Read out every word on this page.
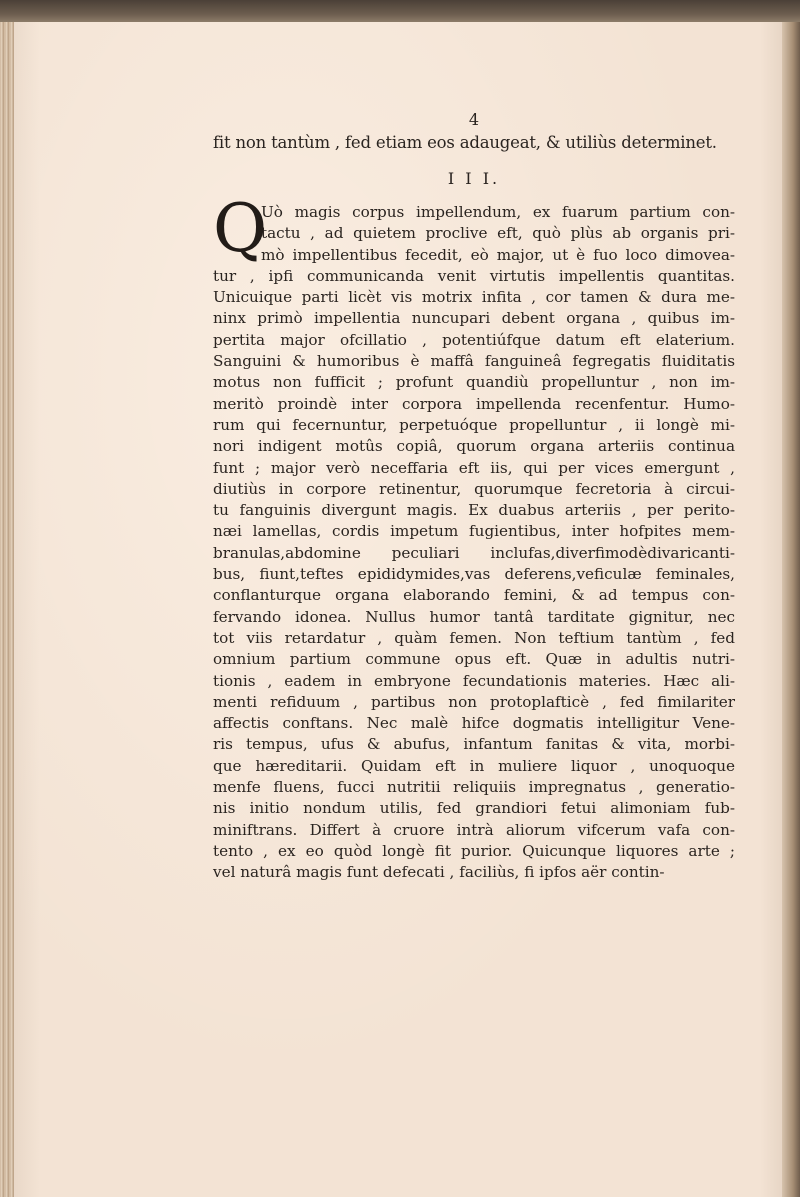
4
fit non tantùm , fed etiam eos adaugeat, & utiliùs determinet.
I I I.
Q
Uò magis corpus impellendum, ex fuarum partium con-
tactu , ad quietem proclive eft, quò plùs ab organis pri-
mò impellentibus fecedit, eò major, ut è fuo loco dimovea-
tur , ipfi communicanda venit virtutis impellentis quantitas.
Unicuique parti licèt vis motrix infita , cor tamen & dura me-
ninx primò impellentia nuncupari debent organa , quibus im-
pertita major ofcillatio , potentiúfque datum eft elaterium.
Sanguini & humoribus è maffâ fanguineâ fegregatis fluiditatis
motus non fufficit ; profunt quandiù propelluntur , non im-
meritò proindè inter corpora impellenda recenfentur. Humo-
rum qui fecernuntur, perpetuóque propelluntur , ii longè mi-
nori indigent motûs copiâ, quorum organa arteriis continua
funt ; major verò neceffaria eft iis, qui per vices emergunt ,
diutiùs in corpore retinentur, quorumque fecretoria à circui-
tu fanguinis divergunt magis. Ex duabus arteriis , per perito-
næi lamellas, cordis impetum fugientibus, inter hofpites mem-
branulas,abdomine peculiari inclufas,diverfimodèdivaricanti-
bus, fiunt,teftes epididymides,vas deferens,veficulæ feminales,
conflanturque organa elaborando femini, & ad tempus con-
fervando idonea. Nullus humor tantâ tarditate gignitur, nec
tot viis retardatur , quàm femen. Non teftium tantùm , fed
omnium partium commune opus eft. Quæ in adultis nutri-
tionis , eadem in embryone fecundationis materies. Hæc ali-
menti refiduum , partibus non protoplafticè , fed fimilariter
affectis conftans. Nec malè hifce dogmatis intelligitur Vene-
ris tempus, ufus & abufus, infantum fanitas & vita, morbi-
que hæreditarii. Quidam eft in muliere liquor , unoquoque
menfe fluens, fucci nutritii reliquiis impregnatus , generatio-
nis initio nondum utilis, fed grandiori fetui alimoniam fub-
miniftrans. Differt à cruore intrà aliorum vifcerum vafa con-
tento , ex eo quòd longè fit purior. Quicunque liquores arte ;
vel naturâ magis funt defecati , faciliùs, fi ipfos aër contin-
